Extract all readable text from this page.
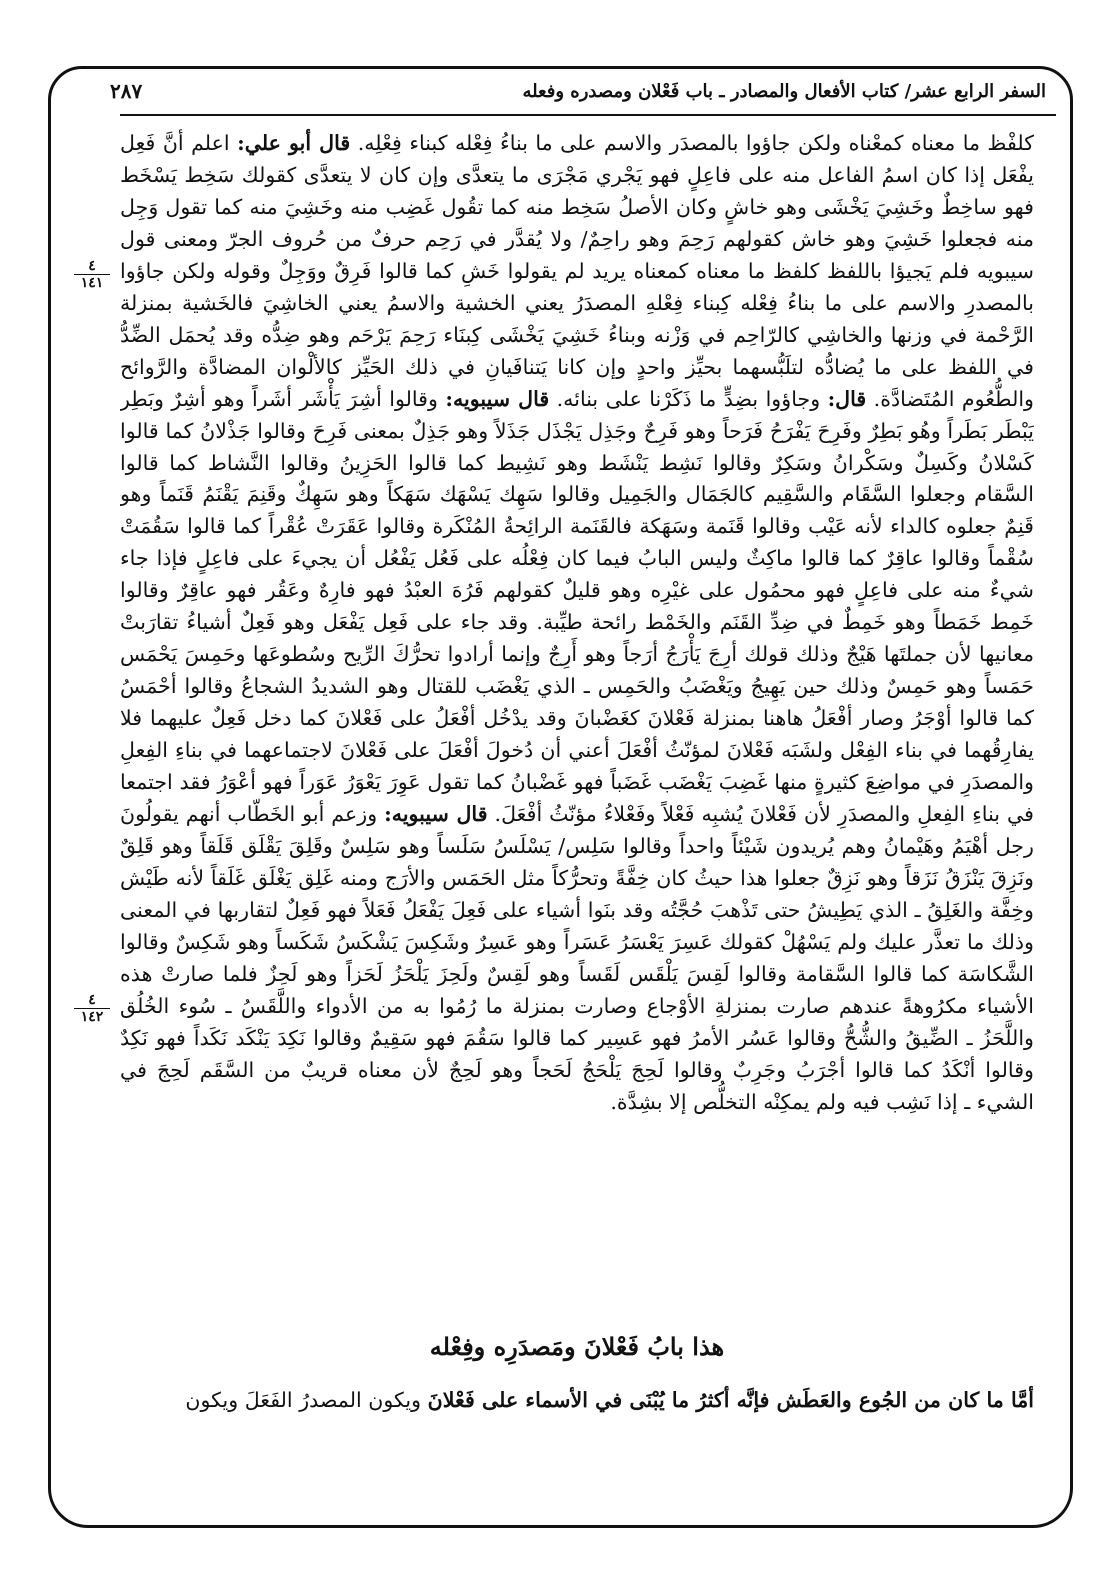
السفر الرابع عشر/ كتاب الأفعال والمصادر ـ باب فَعْلان ومصدره وفعله
٢٨٧
٤
١٤١
٤
١٤٢

كلفْظ ما معناه كمعْناه ولكن جاؤوا بالمصدَر والاسم على ما بناءُ فِعْله كبناء فِعْلِه. قال أبو علي: اعلم أنَّ فَعِل يفْعَل إذا كان اسمُ الفاعل منه على فاعِلٍ فهو يَجْري مَجْرَى ما يتعدَّى وإن كان لا يتعدَّى كقولك سَخِط يَسْخَط فهو ساخِطٌ وخَشِيَ يَخْشَى وهو خاشٍ وكان الأصلُ سَخِط منه كما تقُول غَضِب منه وخَشِيَ منه كما تقول وَجِل منه فجعلوا خَشِيَ وهو خاش كقولهم رَحِمَ وهو راحِمٌ/ ولا يُقدَّر في رَحِم حرفٌ من حُروف الجرّ ومعنى قول سيبويه فلم يَجيؤا باللفظ كلفظ ما معناه كمعناه يريد لم يقولوا خَشِ كما قالوا فَرِقٌ ووَجِلٌ وقوله ولكن جاؤوا بالمصدرِ والاسم على ما بناءُ فِعْله كِبناء فِعْلهِ المصدَرُ يعني الخشية والاسمُ يعني الخاشِيَ فالخَشية بمنزلة الرَّحْمة في وزنها والخاشِي كالرّاحِم في وَزْنه وبناءُ خَشِيَ يَخْشَى كِبنَاء رَحِمَ يَرْحَم وهو ضِدُّه وقد يُحمَل الضِّدُّ في اللفظ على ما يُضادُّه لتلَبُّسهما بحيِّز واحدٍ وإن كانا يَتنافَيانِ في ذلك الحَيِّز كالألْوان المضادَّة والرَّوائح والطُّعُوم المُتَضادَّة. قال: وجاؤوا بضِدٍّ ما ذَكَرْنا على بنائه. قال سيبويه: وقالوا أشِرَ يَأْشَر أشَراً وهو أشِرٌ وبَطِر يَبْطَر بَطَراً وهُو بَطِرٌ وفَرِحَ يَفْرَحُ فَرَحاً وهو فَرِحٌ وجَذِل يَجْذَل جَذَلاً وهو جَذِلٌ بمعنى فَرِحَ وقالوا جَذْلانُ كما قالوا كَسْلانُ وكَسِلٌ وسَكْرانُ وسَكِرٌ وقالوا نَشِط يَنْشَط وهو نَشِيط كما قالوا الحَزِينُ وقالوا النَّشاط كما قالوا السَّقام وجعلوا السَّقَام والسَّقِيم كالجَمَال والجَمِيل وقالوا سَهِك يَسْهَك سَهَكاً وهو سَهِكٌ وقَنِمَ يَقْنَمُ قَنَماً وهو قَنِمٌ جعلوه كالداء لأنه عَيْب وقالوا قَنَمة وسَهَكة فالقَنَمة الرائِحةُ المُنْكَرة وقالوا عَقَرَتْ عُقْراً كما قالوا سَقُمَتْ سُقْماً وقالوا عاقِرٌ كما قالوا ماكِثٌ وليس البابُ فيما كان فِعْلُه على فَعُل يَفْعُل أن يجيءَ على فاعِلٍ فإذا جاء شيءٌ منه على فاعِلٍ فهو محمُول على غيْرِه وهو قليلٌ كقولهم فَرُهَ العبْدُ فهو فارِهٌ وعَقُر فهو عاقِرٌ وقالوا خَمِط خَمَطاً وهو خَمِطٌ في ضِدِّ القَنَم والخَمْط رائحة طيِّبة. وقد جاء على فَعِل يَفْعَل وهو فَعِلٌ أشياءُ تقارَبتْ معانيها لأن جملتَها هَيْجٌ وذلك قولك أرِجَ يَأْرَجُ أرَجاً وهو أَرِجٌ وإنما أرادوا تحرُّكَ الرِّيح وسُطوعَها وحَمِسَ يَحْمَس حَمَساً وهو حَمِسٌ وذلك حين يَهِيجُ ويَغْضَبُ والحَمِس ـ الذي يَغْضَب للقتال وهو الشديدُ الشجاعُ وقالوا أحْمَسُ كما قالوا أوْجَرُ وصار أفْعَلُ هاهنا بمنزلة فَعْلانَ كغَضْبانَ وقد يدْخُل أفْعَلُ على فَعْلانَ كما دخل فَعِلٌ عليهما فلا يفارِقُهما في بناء الفِعْل ولشَبَه فَعْلانَ لمؤنّثُ أفْعَلَ أعني أن دُخولَ أفْعَلَ على فَعْلانَ لاجتماعهما في بناءِ الفِعلِ والمصدَرِ في مواضِعَ كثيرةٍ منها غَضِبَ يَغْضَب غَضَباً فهو غَضْبانُ كما تقول عَوِرَ يَعْوَرُ عَوَراً فهو أعْوَرُ فقد اجتمعا في بناءِ الفِعلِ والمصدَرِ لأن فَعْلانَ يُشبِه فَعْلاً وفَعْلاءُ مؤنّثُ أفْعَلَ. قال سيبويه: وزعم أبو الخَطّاب أنهم يقولُونَ رجل أهْيَمُ وهَيْمانُ وهم يُريدون شَيْئاً واحداً وقالوا سَلِس/ يَسْلَسُ سَلَساً وهو سَلِسٌ وقَلِقَ يَقْلَق قَلَقاً وهو قَلِقٌ ونَزِقَ يَنْزَقُ نَزَقاً وهو نَزِقٌ جعلوا هذا حيثُ كان خِفَّةً وتحرُّكاً مثل الحَمَس والأرَج ومنه غَلِق يَغْلَق غَلَقاً لأنه طَيْش وخِفَّة والغَلِقُ ـ الذي يَطِيشُ حتى تَذْهبَ حُجَّتُه وقد بنَوا أشياء على فَعِلَ يَفْعَلُ فَعَلاً فهو فَعِلٌ لتقاربها في المعنى وذلك ما تعذَّر عليك ولم يَسْهُلْ كقولك عَسِرَ يَعْسَرُ عَسَراً وهو عَسِرٌ وشَكِسَ يَشْكَسُ شَكَساً وهو شَكِسٌ وقالوا الشَّكاسَة كما قالوا السَّقامة وقالوا لَقِسَ يَلْقَس لَقَساً وهو لَقِسٌ ولَحِزَ يَلْحَزُ لَحَزاً وهو لَحِزٌ فلما صارتْ هذه الأشياء مكرُوهةً عندهم صارت بمنزلةِ الأوْجاع وصارت بمنزلة ما رُمُوا به من الأدواء واللَّقَسُ ـ سُوء الخُلُق واللَّحَزُ ـ الضِّيقُ والشُّحُّ وقالوا عَسُر الأمرُ فهو عَسِير كما قالوا سَقُمَ فهو سَقِيمٌ وقالوا نَكِدَ يَنْكَد نَكَداً فهو نَكِدٌ وقالوا أنْكَدُ كما قالوا أجْرَبُ وجَرِبٌ وقالوا لَحِجَ يَلْحَجُ لَحَجاً وهو لَحِجٌ لأن معناه قريبٌ من السَّقَم لَحِجَ في الشيء ـ إذا نَشِب فيه ولم يمكِنْه التخلُّص إلا بشِدَّة.

هذا بابُ فَعْلانَ ومَصدَرِه وفِعْله
أمَّا ما كان من الجُوع والعَطَش فإنَّه أكثرُ ما يُبْنَى في الأسماء على فَعْلانَ ويكون المصدرُ الفَعَلَ ويكون
